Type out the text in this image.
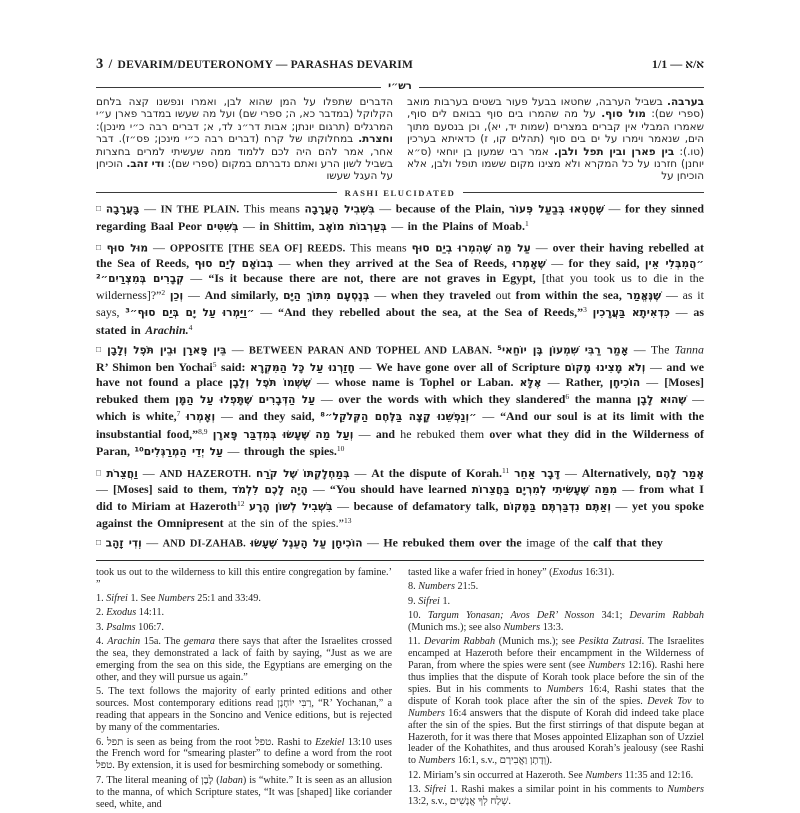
3 / DEVARIM/DEUTERONOMY — PARASHAS DEVARIM	1/1 — א/א
רש״י
בערבה. בשביל הערבה, שחטאו בבעל פעור בשטים בערבות מואב (ספרי שם): מול סוף. על מה שהמרו בים סוף בבואם לים סוף, שאמרו המבלי אין קברים במצרים (שמות יד, יא), וכן בנסעם מתוך הים, שנאמר וימרו על ים בים סוף (תהלים קו, ז) כדאיתא בערכין (טו.): בין פארן ובין תפל ולבן. אמר רבי שמעון בן יוחאי (ס״א יוחנן) חזרנו על כל המקרא ולא מצינו מקום ששמו תופל ולבן, אלא הוכיחן על
הדברים שתפלו על המן שהוא לבן, ואמרו ונפשנו קצה בלחם הקלוקל (במדבר כא, ה; ספרי שם) ועל מה שעשו במדבר פארן ע״י המרגלים (תרגום יונתן; אבות דר״נ לד, א; דברים רבה כ״י מינכן): וחצרת. במחלוקתו של קרח (דברים רבה כ״י מינכן; פס״ז). דבר אחר, אמר להם היה לכם ללמוד ממה שעשיתי למרים בחצרות בשביל לשון הרע ואתם נדברתם במקום (ספרי שם): ודי זהב. הוכיחן על העגל שעשו
RASHI ELUCIDATED

□ בָּעֲרָבָה — IN THE PLAIN. This means בִּשְׁבִיל הָעֲרָבָה — because of the Plain, שֶׁחָטְאוּ בְּבַעַל פְּעוֹר — for they sinned regarding Baal Peor בְּשִׁטִּים — in Shittim, בְּעַרְבוֹת מוֹאָב — in the Plains of Moab.$^1$

□ מוּל סוּף — OPPOSITE [THE SEA OF] REEDS. This means עַל מַה שֶּׁהִמְרוּ בְיַם סוּף — over their having rebelled at the Sea of Reeds, בְּבוֹאָם לְיַם סוּף — when they arrived at the Sea of Reeds, שֶׁאָמְרוּ — for they said, ״הֲמִבְּלִי אֵין קְבָרִים בְּמִצְרַיִם״² — “Is it because there are not, there are not graves in Egypt, [that you took us to die in the wilderness]?”$^2$ וְכֵן — And similarly, בְּנָסְעָם מִתּוֹךְ הַיָּם — when they traveled out from within the sea, שֶׁנֶּאֱמַר — as it says, ״וַיַּמְרוּ עַל יָם בְּיַם סוּף״³ — “And they rebelled about the sea, at the Sea of Reeds,”$^3$ כִּדְאִיתָא בַּעֲרָכִין — as stated in Arachin.$^4$

□ בֵּין פָּארָן וּבֵין תֹּפֶל וְלָבָן — BETWEEN PARAN AND TOPHEL AND LABAN. אָמַר רַבִּי שִׁמְעוֹן בֶּן יוֹחַאי⁵ — The Tanna R’ Shimon ben Yochai$^5$ said: חָזַרְנוּ עַל כָּל הַמִּקְרָא — We have gone over all of Scripture וְלֹא מָצִינוּ מָקוֹם — and we have not found a place שֶׁשְּׁמוֹ תֹּפֶל וְלָבָן — whose name is Tophel or Laban. אֶלָּא — Rather, הוֹכִיחָן — [Moses] rebuked them עַל הַדְּבָרִים שֶׁתָּפְלוּ עַל הַמָּן — over the words with which they slandered$^6$ the manna שֶׁהוּא לָבָן — which is white,$^7$ וְאָמְרוּ — and they said, ״וְנַפְשֵׁנוּ קָצָה בַּלֶּחֶם הַקְּלֹקֵל״⁸ — “And our soul is at its limit with the insubstantial food,”$^{8,9}$ וְעַל מַה שֶּׁעָשׂוּ בְּמִדְבַּר פָּארָן — and he rebuked them over what they did in the Wilderness of Paran, עַל יְדֵי הַמְרַגְּלִים¹⁰ — through the spies.$^{10}$

□ וַחֲצֵרֹת — AND HAZEROTH. בְּמַחְלָקְתּוֹ שֶׁל קֹרַח — At the dispute of Korah.$^{11}$ דָּבָר אַחֵר — Alternatively, אָמַר לָהֶם — [Moses] said to them, הָיָה לָכֶם לִלְמֹד — “You should have learned מִמַּה שֶּׁעָשִׂיתִי לְמִרְיָם בַּחֲצֵרוֹת — from what I did to Miriam at Hazeroth$^{12}$ בִּשְׁבִיל לְשׁוֹן הָרָע — because of defamatory talk, וְאַתֶּם נִדְבַּרְתֶּם בַּמָּקוֹם — yet you spoke against the Omnipresent at the sin of the spies.”$^{13}$

□ וְדִי זָהָב — AND DI-ZAHAB. הוֹכִיחָן עַל הָעֵגֶל שֶׁעָשׂוּ — He rebuked them over the image of the calf that they

took us out to the wilderness to kill this entire congregation by famine.’ ”

1. Sifrei 1. See Numbers 25:1 and 33:49.

2. Exodus 14:11.

3. Psalms 106:7.

4. Arachin 15a. The gemara there says that after the Israelites crossed the sea, they demonstrated a lack of faith by saying, “Just as we are emerging from the sea on this side, the Egyptians are emerging on the other, and they will pursue us again.”

5. The text follows the majority of early printed editions and other sources. Most contemporary editions read רַבִּי יוֹחָנָן, “R’ Yochanan,” a reading that appears in the Soncino and Venice editions, but is rejected by many of the commentaries.

6. תפל is seen as being from the root טפל. Rashi to Ezekiel 13:10 uses the French word for “smearing plaster” to define a word from the root טפל. By extension, it is used for besmirching somebody or something.

7. The literal meaning of לָבָן (laban) is “white.” It is seen as an allusion to the manna, of which Scripture states, “It was [shaped] like coriander seed, white, and

tasted like a wafer fried in honey” (Exodus 16:31).

8. Numbers 21:5.

9. Sifrei 1.

10. Targum Yonasan; Avos DeR’ Nosson 34:1; Devarim Rabbah (Munich ms.); see also Numbers 13:3.

11. Devarim Rabbah (Munich ms.); see Pesikta Zutrasi. The Israelites encamped at Hazeroth before their encampment in the Wilderness of Paran, from where the spies were sent (see Numbers 12:16). Rashi here thus implies that the dispute of Korah took place before the sin of the spies. But in his comments to Numbers 16:4, Rashi states that the dispute of Korah took place after the sin of the spies. Devek Tov to Numbers 16:4 answers that the dispute of Korah did indeed take place after the sin of the spies. But the first stirrings of that dispute began at Hazeroth, for it was there that Moses appointed Elizaphan son of Uzziel leader of the Kohathites, and thus aroused Korah’s jealousy (see Rashi to Numbers 16:1, s.v., וְדָתָן וַאֲבִירָם).

12. Miriam’s sin occurred at Hazeroth. See Numbers 11:35 and 12:16.

13. Sifrei 1. Rashi makes a similar point in his comments to Numbers 13:2, s.v., שְׁלַח לְךָ אֲנָשִׁים.
